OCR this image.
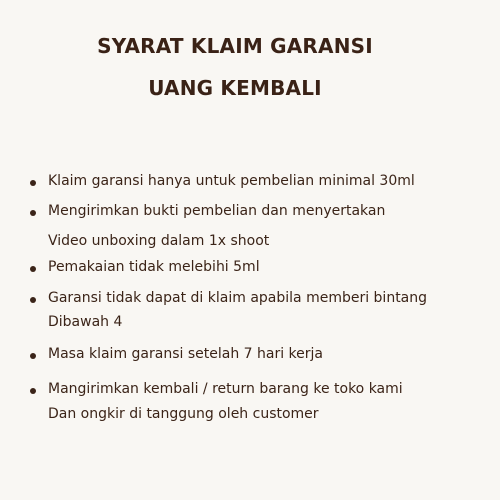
SYARAT KLAIM GARANSI
UANG KEMBALI
Klaim garansi hanya untuk pembelian minimal 30ml
Mengirimkan bukti pembelian dan menyertakan
Video unboxing dalam 1x shoot
Pemakaian tidak melebihi 5ml
Garansi tidak dapat di klaim apabila memberi bintang
Dibawah 4
Masa klaim garansi setelah 7 hari kerja
Mangirimkan kembali / return barang ke toko kami
Dan ongkir di tanggung oleh customer
